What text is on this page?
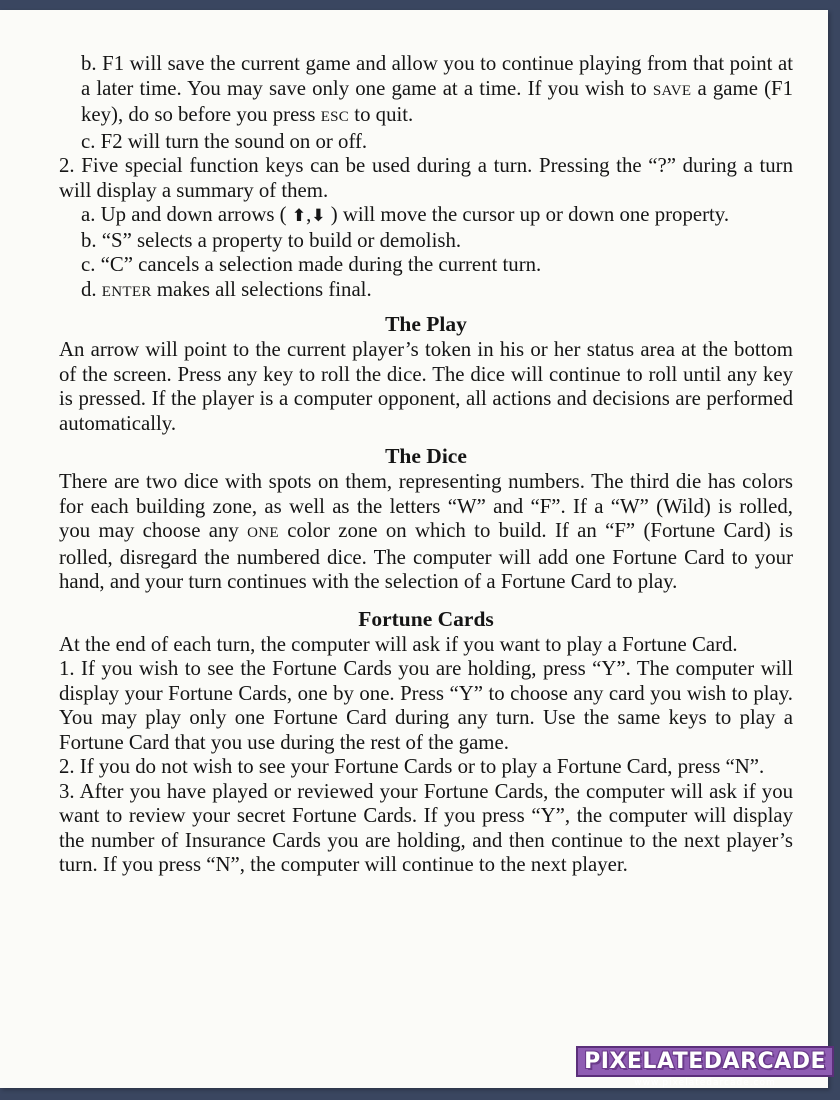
b. F1 will save the current game and allow you to continue playing from that point at a later time. You may save only one game at a time. If you wish to SAVE a game (F1 key), do so before you press ESC to quit.

c. F2 will turn the sound on or off.

2. Five special function keys can be used during a turn. Pressing the “?” during a turn will display a summary of them.

a. Up and down arrows ( ⬆,⬇ ) will move the cursor up or down one property.

b. “S” selects a property to build or demolish.

c. “C” cancels a selection made during the current turn.

d. ENTER makes all selections final.

The Play

An arrow will point to the current player’s token in his or her status area at the bottom of the screen. Press any key to roll the dice. The dice will continue to roll until any key is pressed. If the player is a computer opponent, all actions and decisions are performed automatically.

The Dice

There are two dice with spots on them, representing numbers. The third die has colors for each building zone, as well as the letters “W” and “F”. If a “W” (Wild) is rolled, you may choose any ONE color zone on which to build. If an “F” (Fortune Card) is rolled, disregard the numbered dice. The computer will add one Fortune Card to your hand, and your turn continues with the selection of a Fortune Card to play.

Fortune Cards

At the end of each turn, the computer will ask if you want to play a Fortune Card.

1. If you wish to see the Fortune Cards you are holding, press “Y”. The computer will display your Fortune Cards, one by one. Press “Y” to choose any card you wish to play. You may play only one Fortune Card during any turn. Use the same keys to play a Fortune Card that you use during the rest of the game.

2. If you do not wish to see your Fortune Cards or to play a Fortune Card, press “N”.

3. After you have played or reviewed your Fortune Cards, the computer will ask if you want to review your secret Fortune Cards. If you press “Y”, the computer will display the number of Insurance Cards you are holding, and then continue to the next player’s turn. If you press “N”, the computer will continue to the next player.

PIXELATEDARCADE
www.pixelatedarcade.com
